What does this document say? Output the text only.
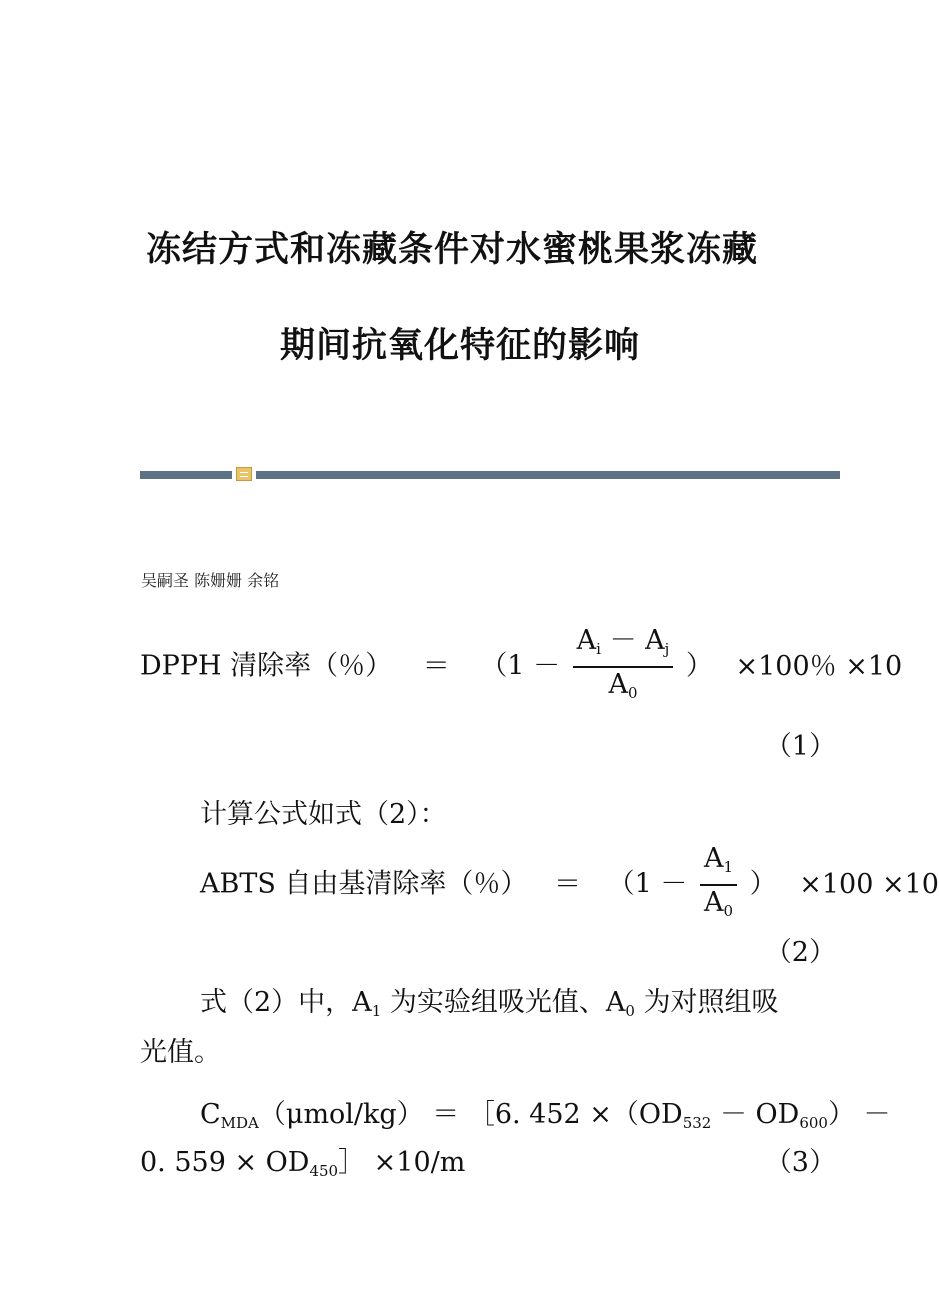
冻结方式和冻藏条件对水蜜桃果浆冻藏
期间抗氧化特征的影响
吴嗣圣 陈姗姗 余铭
DPPH 清除率（％） ＝ （$1 - \frac{A_i - A_j}{A_0}$ ） ×100％ ×10
（1）
计算公式如式（2）：
ABTS 自由基清除率（％） ＝ （$1 - \frac{A_1}{A_0}$ ） ×100 ×10
（2）
式（2）中，$A_1$ 为实验组吸光值、$A_0$ 为对照组吸
光值。
$C_{MDA}(\mu mol/kg)$ ＝ ［6. $452 \times(OD_{532} - OD_{600})$ －
0. $559 \times OD_{450}] \times 10/m$	（3）
